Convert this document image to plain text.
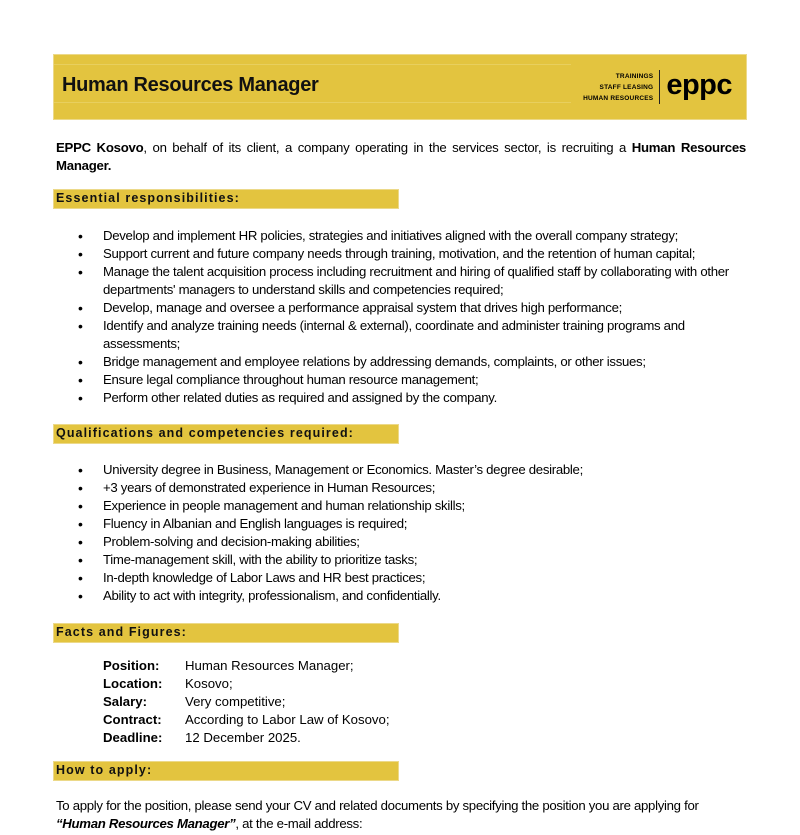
Human Resources Manager	TRAININGS
STAFF LEASING
HUMAN RESOURCES eppc

EPPC Kosovo, on behalf of its client, a company operating in the services sector, is recruiting a Human Resources Manager.

Essential responsibilities:
• Develop and implement HR policies, strategies and initiatives aligned with the overall company strategy;
• Support current and future company needs through training, motivation, and the retention of human capital;
• Manage the talent acquisition process including recruitment and hiring of qualified staff by collaborating with other departments' managers to understand skills and competencies required;
• Develop, manage and oversee a performance appraisal system that drives high performance;
• Identify and analyze training needs (internal & external), coordinate and administer training programs and assessments;
• Bridge management and employee relations by addressing demands, complaints, or other issues;
• Ensure legal compliance throughout human resource management;
• Perform other related duties as required and assigned by the company.
Qualifications and competencies required:
• University degree in Business, Management or Economics. Master’s degree desirable;
• +3 years of demonstrated experience in Human Resources;
• Experience in people management and human relationship skills;
• Fluency in Albanian and English languages is required;
• Problem-solving and decision-making abilities;
• Time-management skill, with the ability to prioritize tasks;
• In-depth knowledge of Labor Laws and HR best practices;
• Ability to act with integrity, professionalism, and confidentially.
Facts and Figures:
Position:	Human Resources Manager;
Location:	Kosovo;
Salary:	Very competitive;
Contract:	According to Labor Law of Kosovo;
Deadline:	12 December 2025.
How to apply:

To apply for the position, please send your CV and related documents by specifying the position you are applying for
“Human Resources Manager”, at the e-mail address:
